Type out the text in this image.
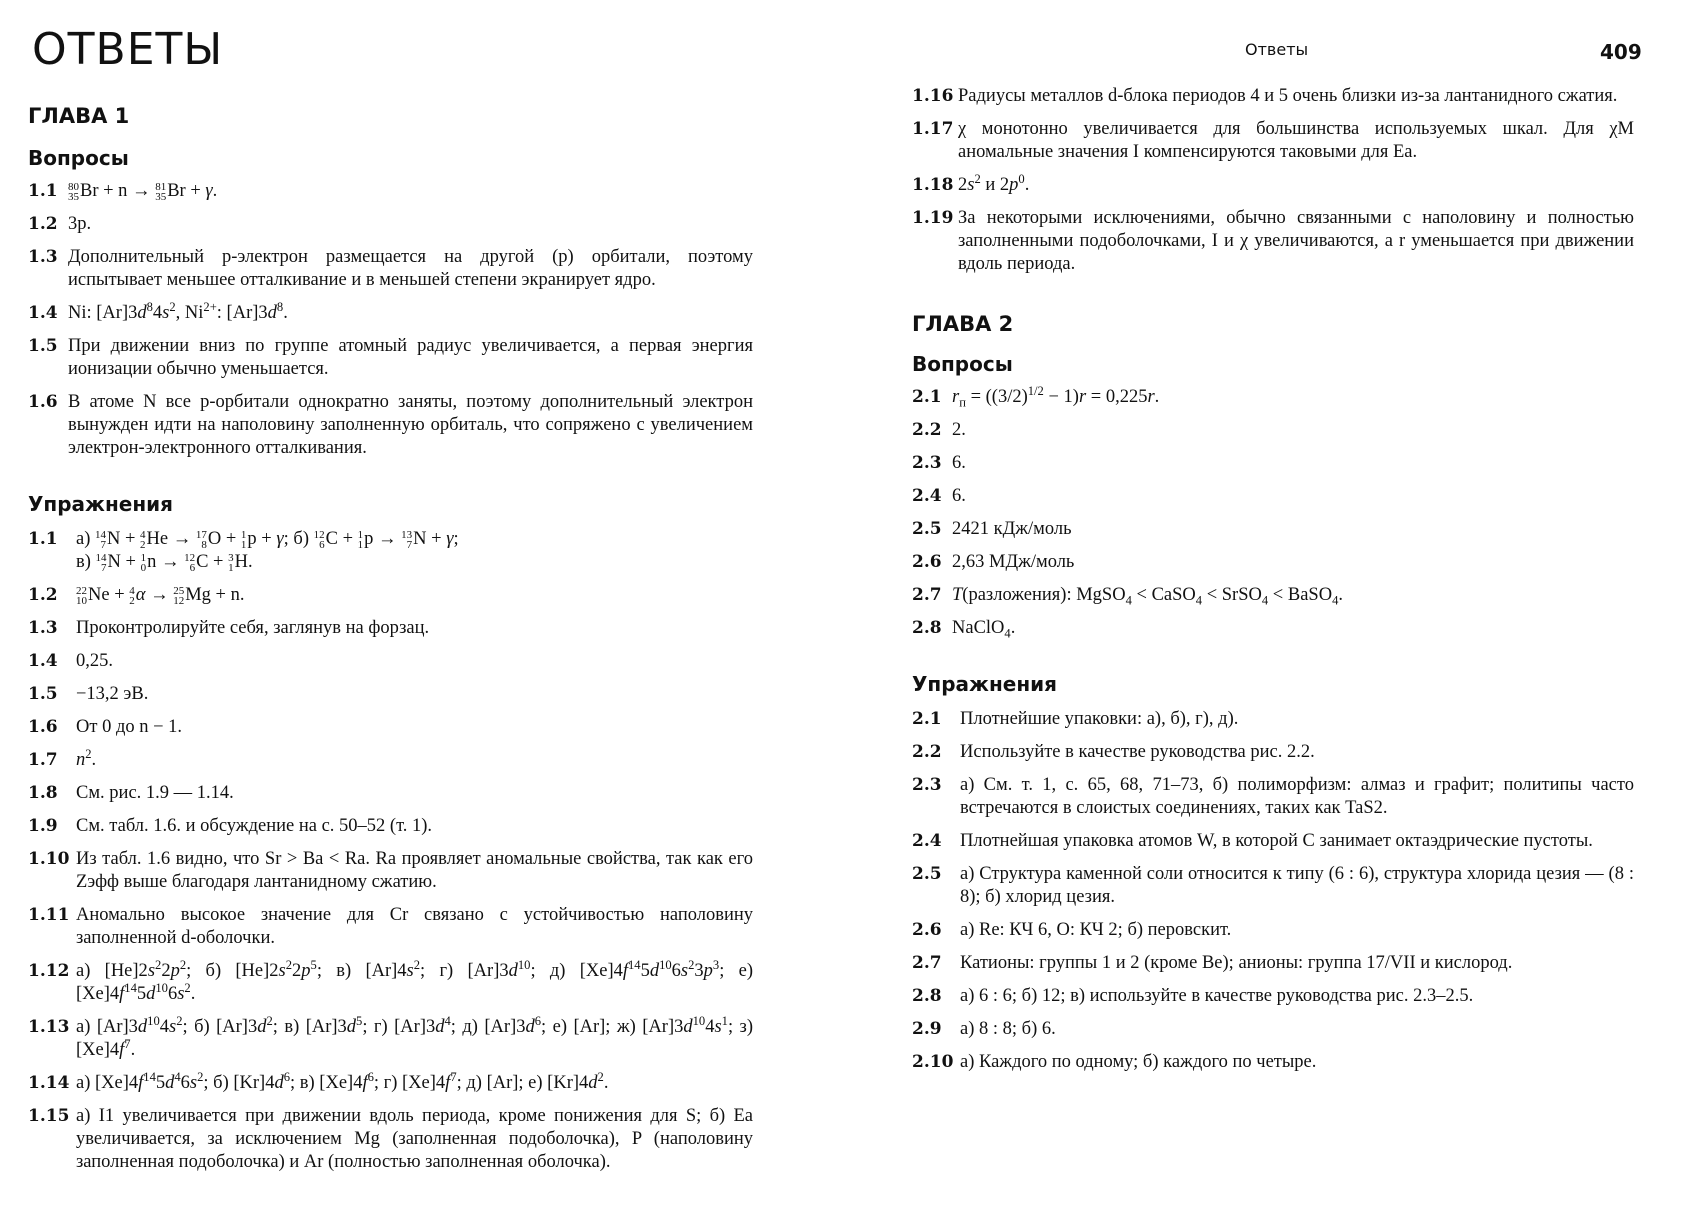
Ответы	409
ОТВЕТЫ
ГЛАВА 1
Вопросы
1.1 80
35 Br + n → 81
35 Br + γ.
1.2 3p.
1.3 Дополнительный p-электрон размещается на другой (p) орбитали, поэтому испытывает меньшее отталкивание и в меньшей степени экранирует ядро.
1.4 Ni: $[Ar]3d^84s^2$, $Ni^{2+}$: $[Ar]3d^8$.
1.5 При движении вниз по группе атомный радиус увеличивается, а первая энергия ионизации обычно уменьшается.
1.6 В атоме N все p-орбитали однократно заняты, поэтому дополнительный электрон вынужден идти на наполовину заполненную орбиталь, что сопряжено с увеличением электрон-электронного отталкивания.
Упражнения
1.1 а) 14
7 N + 4
2 He → 17
8 O + 1
1 p + γ; б) 12
6 C + 1
1 p → 13
7 N + γ;
в) 14
7 N + 1
0 n → 12
6 C + 3
1 H.
1.2 22
10 Ne + 4
2 α → 25
12 Mg + n.
1.3 Проконтролируйте себя, заглянув на форзац.
1.4 0,25.
1.5 −13,2 эВ.
1.6 От 0 до n − 1.
1.7 $n^2$.
1.8 См. рис. 1.9 — 1.14.
1.9 См. табл. 1.6. и обсуждение на с. 50–52 (т. 1).
1.10 Из табл. 1.6 видно, что Sr > Ba < Ra. Ra проявляет аномальные свойства, так как его Zэфф выше благодаря лантанидному сжатию.
1.11 Аномально высокое значение для Cr связано с устойчивостью наполовину заполненной d-оболочки.
1.12 а) $[He]2s^22p^2$; б) $[He]2s^22p^5$; в) $[Ar]4s^2$; г) $[Ar]3d^{10}$; д) $[Xe]4f^{14}5d^{10}6s^23p^3$; е) $[Xe]4f^{14}5d^{10}6s^2$.
1.13 а) $[Ar]3d^{10}4s^2$; б) $[Ar]3d^2$; в) $[Ar]3d^5$; г) $[Ar]3d^4$; д) $[Ar]3d^6$; е) [Ar]; ж) $[Ar]3d^{10}4s^1$; з) $[Xe]4f^7$.
1.14 а) $[Xe]4f^{14}5d^46s^2$; б) $[Kr]4d^6$; в) $[Xe]4f^6$; г) $[Xe]4f^7$; д) [Ar]; е) $[Kr]4d^2$.
1.15 а) I1 увеличивается при движении вдоль периода, кроме понижения для S; б) Ea увеличивается, за исключением Mg (заполненная подоболочка), P (наполовину заполненная подоболочка) и Ar (полностью заполненная оболочка).
1.16 Радиусы металлов d-блока периодов 4 и 5 очень близки из-за лантанидного сжатия.
1.17 χ монотонно увеличивается для большинства используемых шкал. Для χM аномальные значения I компенсируются таковыми для Ea.
1.18 $2s^2$ и $2p^0$.
1.19 За некоторыми исключениями, обычно связанными с наполовину и полностью заполненными подоболочками, I и χ увеличиваются, а r уменьшается при движении вдоль периода.
ГЛАВА 2
Вопросы
2.1 $r_п = ((3/2)^{1/2} - 1)r = 0,225r$.
2.2 2.
2.3 6.
2.4 6.
2.5 2421 кДж/моль
2.6 2,63 МДж/моль
2.7 T(разложения): MgSO$_4$ < CaSO$_4$ < SrSO$_4$ < BaSO$_4$.
2.8 NaClO$_4$.
Упражнения
2.1 Плотнейшие упаковки: а), б), г), д).
2.2 Используйте в качестве руководства рис. 2.2.
2.3 а) См. т. 1, с. 65, 68, 71–73, б) полиморфизм: алмаз и графит; политипы часто встречаются в слоистых соединениях, таких как TaS2.
2.4 Плотнейшая упаковка атомов W, в которой C занимает октаэдрические пустоты.
2.5 а) Структура каменной соли относится к типу (6 : 6), структура хлорида цезия — (8 : 8); б) хлорид цезия.
2.6 а) Re: КЧ 6, O: КЧ 2; б) перовскит.
2.7 Катионы: группы 1 и 2 (кроме Be); анионы: группа 17/VII и кислород.
2.8 а) 6 : 6; б) 12; в) используйте в качестве руководства рис. 2.3–2.5.
2.9 а) 8 : 8; б) 6.
2.10 а) Каждого по одному; б) каждого по четыре.
